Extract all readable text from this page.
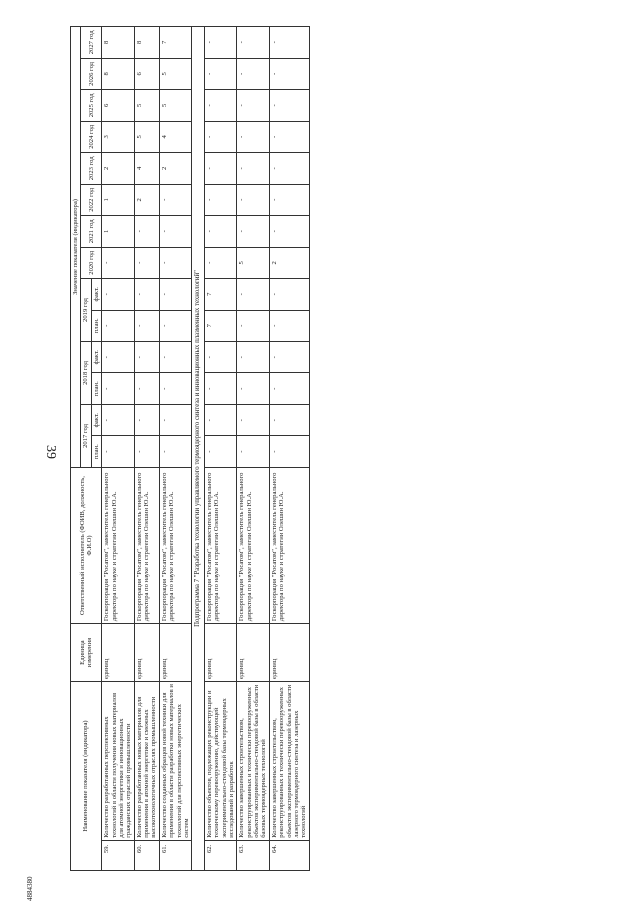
39
4884380
Наименование показателя (индикатора)		Единица измерения	Ответственный исполнитель (ФОИВ, должность, Ф.И.О)	Значение показателя (индикатора)													
				2017 год		2018 год		2019 год		2020 год	2021 год	2022 год	2023 год	2024 год	2025 год	2026 год	2027 год
				план.	факт.	план.	факт.	план.	факт.								
59.	Количество разработанных перспективных технологий в области получения новых материалов для атомной энергетики и инновационных гражданских отраслей промышленности	единиц	Госкорпорация "Росатом", заместитель генерального директора по науке и стратегии Олешин Ю.А.	-	-	-	-	-	-	-	1	1	2	3	6	8	8
60.	Количество разработанных новых материалов для применения в атомной энергетике и смежных высокотехнологичных отраслях промышленности	единиц	Госкорпорация "Росатом", заместитель генерального директора по науке и стратегии Олешин Ю.А.	-	-	-	-	-	-	-	-	2	4	5	5	6	8
61.	Количество созданных образцов новой техники для применения в области разработки новых материалов и технологий для перспективных энергетических систем	единиц	Госкорпорация "Росатом", заместитель генерального директора по науке и стратегии Олешин Ю.А.	-	-	-	-	-	-	-	-	-	2	4	5	5	7
Подпрограмма 7 "Разработка технологии управляемого термоядерного синтеза и инновационных плазменных технологий"																	
62.	Количество объектов, подлежащих реконструкции и техническому перевооружению, действующей экспериментально-стендовой базы термоядерных исследований и разработок	единиц	Госкорпорация "Росатом", заместитель генерального директора по науке и стратегии Олешин Ю.А.	-	-	-	-	7	7	-	-	-	-	-	-	-	-
63.	Количество завершенных строительством, реконструированных и технически перевооруженных объектов экспериментально-стендовой базы в области базовых термоядерных технологий	единиц	Госкорпорация "Росатом", заместитель генерального директора по науке и стратегии Олешин Ю.А.	-	-	-	-	-	-	5	-	-	-	-	-	-	-
64.	Количество завершенных строительством, реконструированных и технически перевооруженных объектов экспериментально-стендовой базы в области лазерного термоядерного синтеза и лазерных технологий	единиц	Госкорпорация "Росатом", заместитель генерального директора по науке и стратегии Олешин Ю.А.	-	-	-	-	-	-	2	-	-	-	-	-	-	-
